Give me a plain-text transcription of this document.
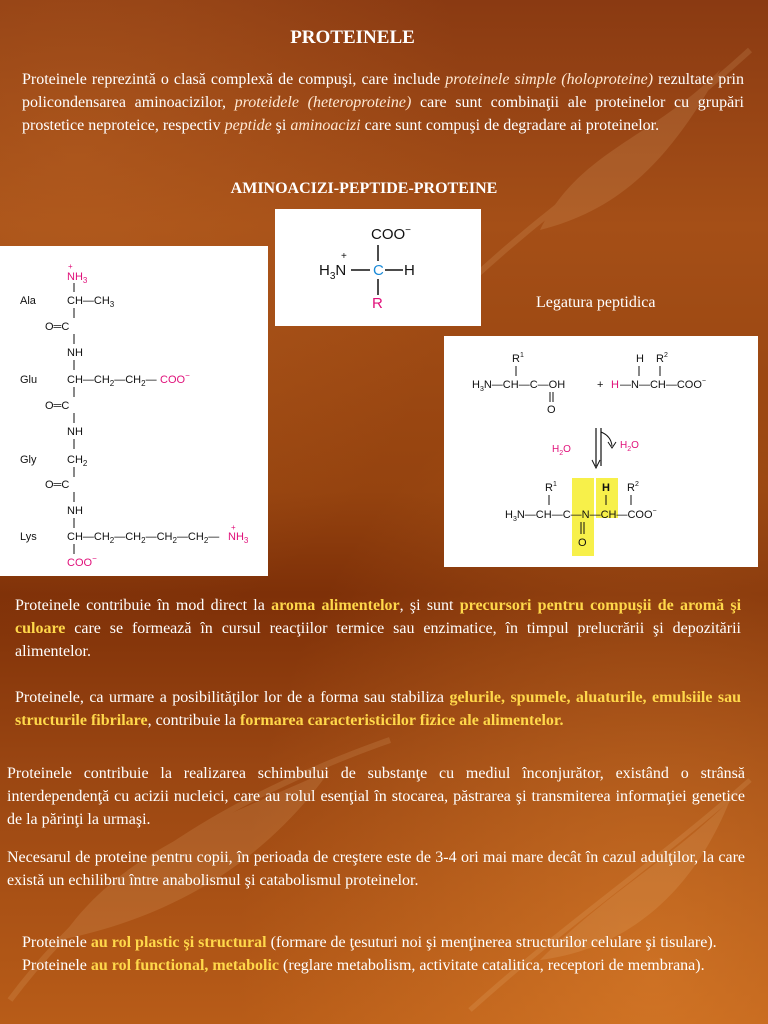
PROTEINELE
Proteinele reprezintă o clasă complexă de compuşi, care include proteinele simple (holoproteine) rezultate prin policondensarea aminoacizilor, proteidele (heteroproteine) care sunt combinaţii ale proteinelor cu grupări prostetice neproteice, respectiv peptide şi aminoacizi care sunt compuşi de degradare ai proteinelor.
AMINOACIZI-PEPTIDE-PROTEINE
COO−
$H_3N$
+
C H
R	Legatura peptidica
$NH_3$
+
Ala	$CH—CH_3$
O═C
NH
Glu	$CH—CH_2—CH_2—$ COO−
O═C
NH
Gly	$CH_2$
O═C
NH
Lys	$CH—CH_2—CH_2—CH_2—CH_2—$ $NH_3$
+
COO−
$R^1$	H $R^2$
$H_3N—CH—C—OH$	+ H —N—CH—COO−
O
$H_2O$	$H_2O$
$R^1$	H $R^2$
$H_3N—CH—C—N—CH—COO^-$
O
Proteinele contribuie în mod direct la aroma alimentelor, şi sunt precursori pentru compuşii de aromă şi culoare care se formează în cursul reacţiilor termice sau enzimatice, în timpul prelucrării şi depozitării alimentelor.
Proteinele, ca urmare a posibilităţilor lor de a forma sau stabiliza gelurile, spumele, aluaturile, emulsiile sau structurile fibrilare, contribuie la formarea caracteristicilor fizice ale alimentelor.
Proteinele contribuie la realizarea schimbului de substanţe cu mediul înconjurător, existând o strânsă interdependenţă cu acizii nucleici, care au rolul esenţial în stocarea, păstrarea şi transmiterea informaţiei genetice de la părinţi la urmaşi.
Necesarul de proteine pentru copii, în perioada de creştere este de 3-4 ori mai mare decât în cazul adulţilor, la care există un echilibru între anabolismul şi catabolismul proteinelor.

Proteinele au rol plastic şi structural (formare de ţesuturi noi şi menţinerea structurilor celulare şi tisulare).

Proteinele au rol functional, metabolic (reglare metabolism, activitate catalitica, receptori de membrana).
